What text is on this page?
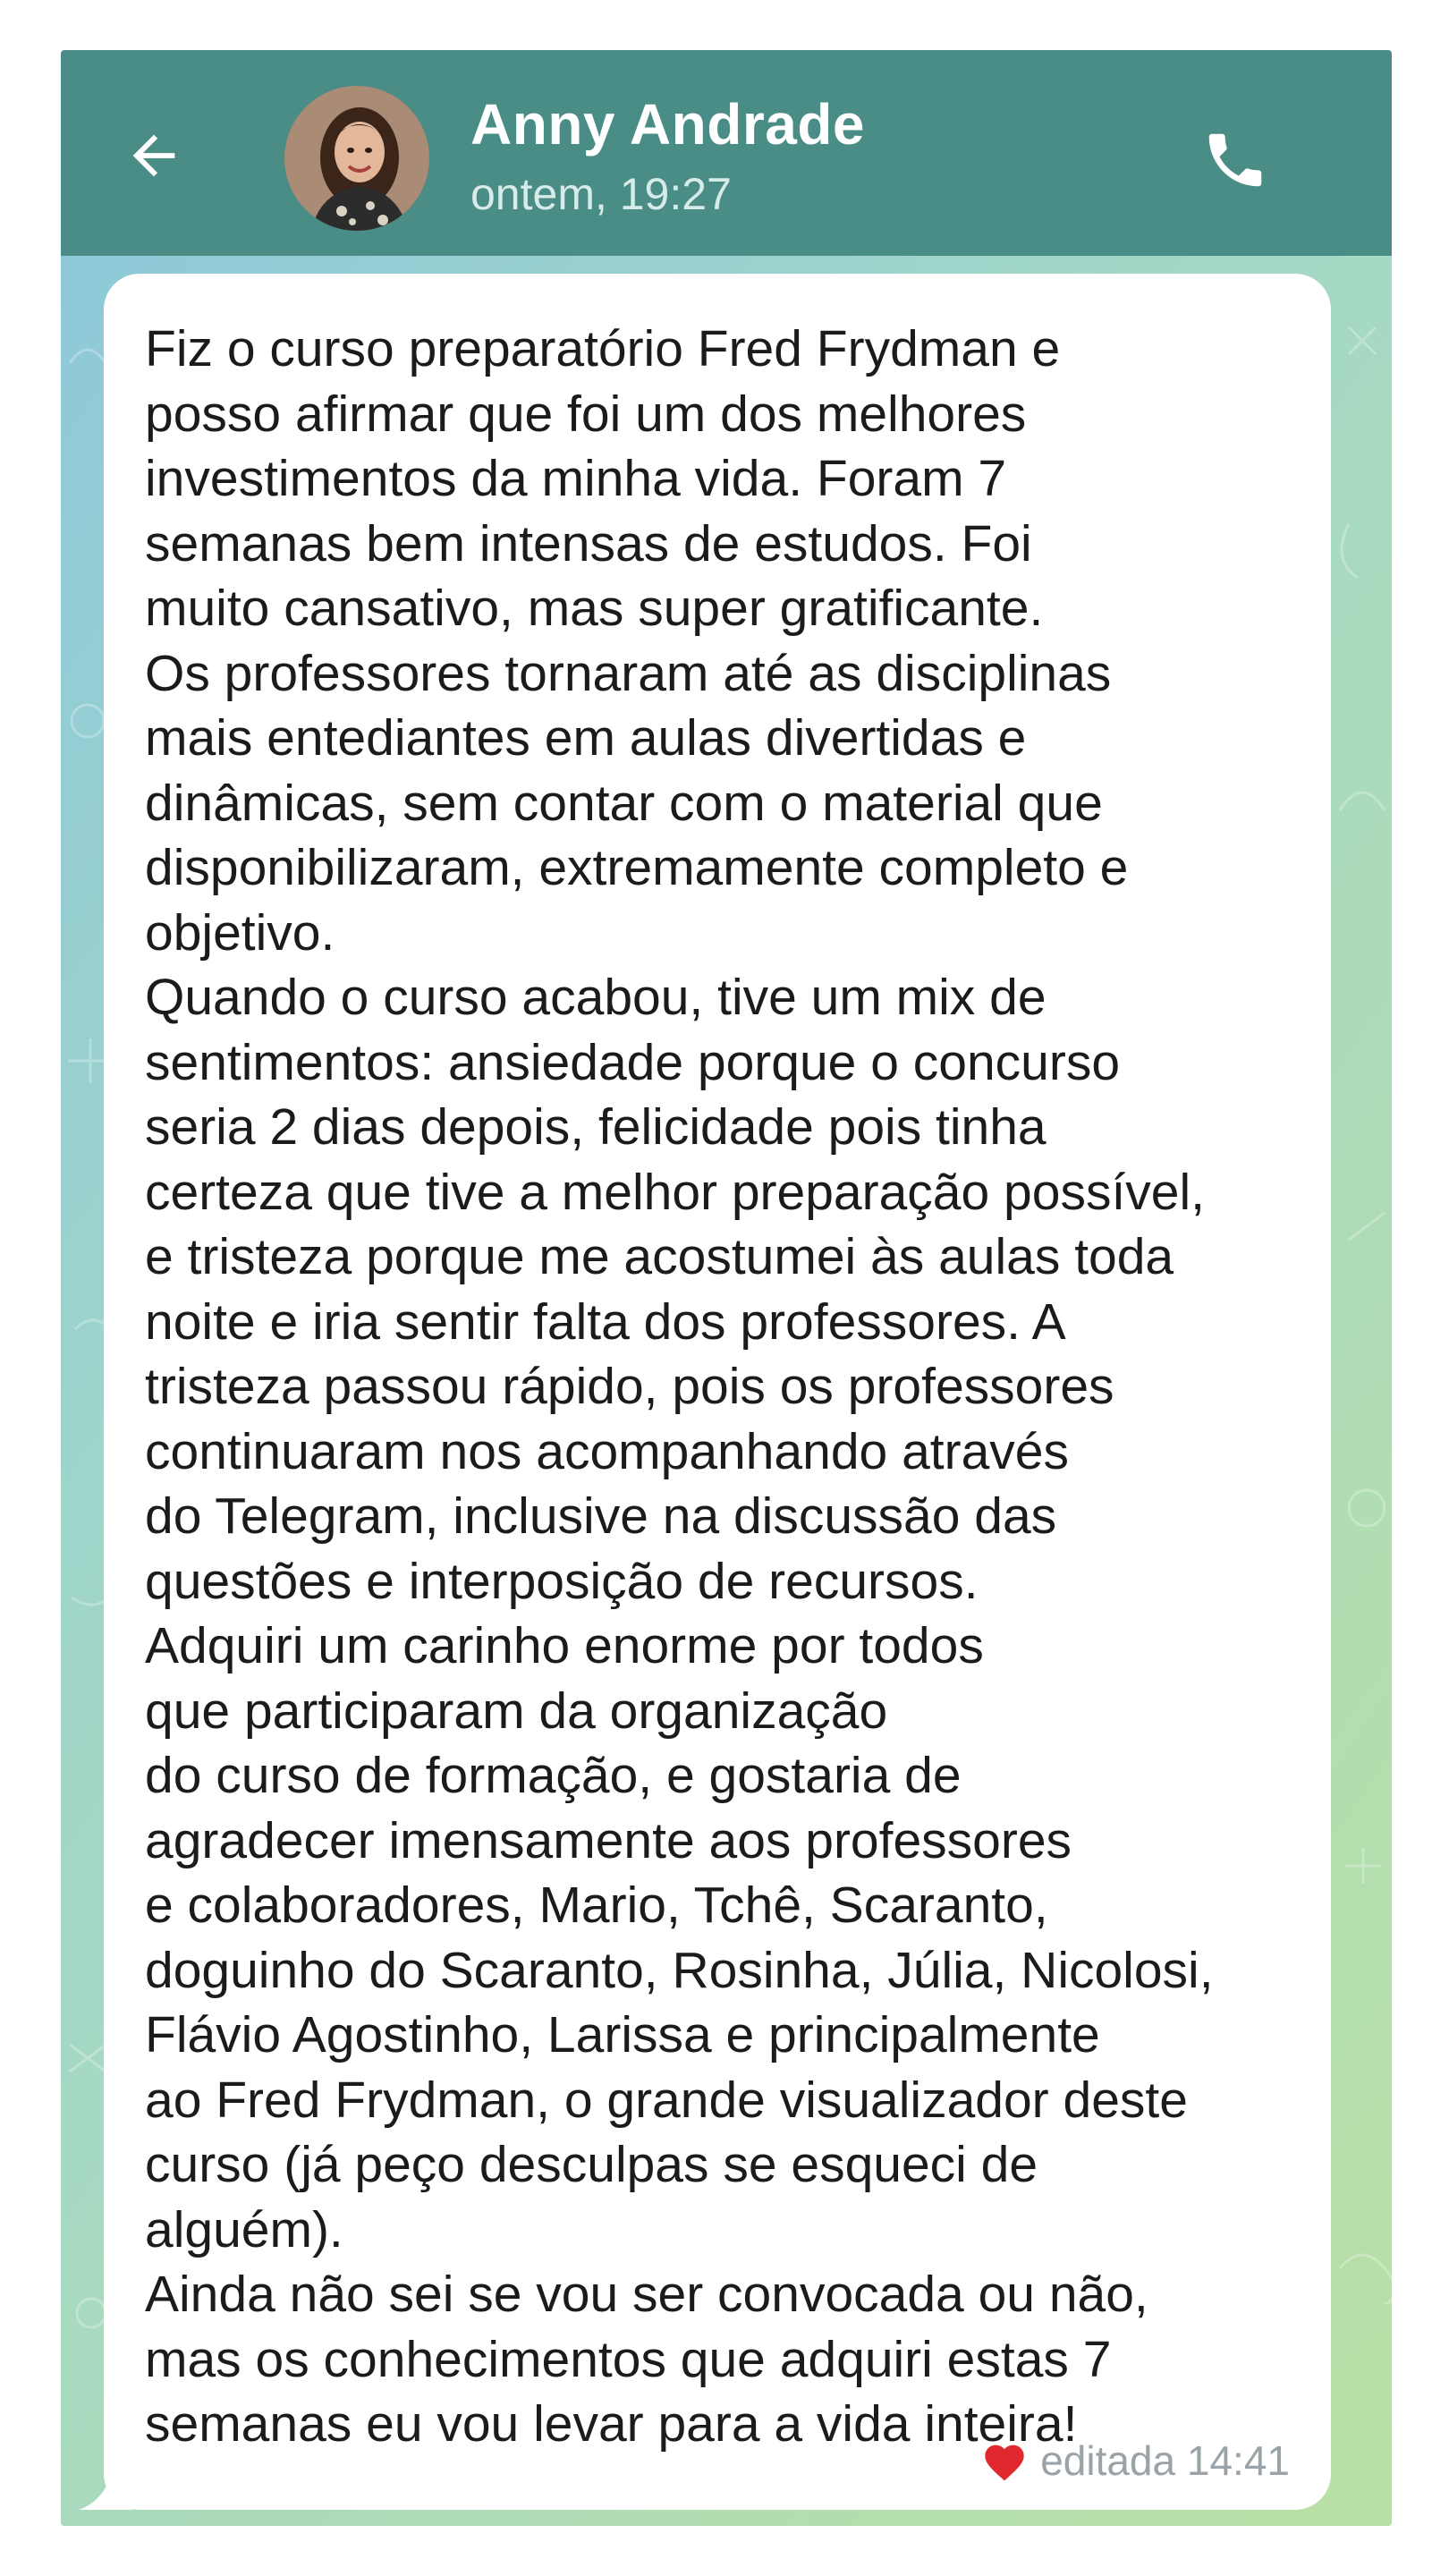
Anny Andrade
ontem, 19:27

Fiz o curso preparatório Fred Frydman e
posso afirmar que foi um dos melhores
investimentos da minha vida. Foram 7
semanas bem intensas de estudos. Foi
muito cansativo, mas super gratificante.
Os professores tornaram até as disciplinas
mais entediantes em aulas divertidas e
dinâmicas, sem contar com o material que
disponibilizaram, extremamente completo e
objetivo.
Quando o curso acabou, tive um mix de
sentimentos: ansiedade porque o concurso
seria 2 dias depois, felicidade pois tinha
certeza que tive a melhor preparação possível,
e tristeza porque me acostumei às aulas toda
noite e iria sentir falta dos professores. A
tristeza passou rápido, pois os professores
continuaram nos acompanhando através
do Telegram, inclusive na discussão das
questões e interposição de recursos.
Adquiri um carinho enorme por todos
que participaram da organização
do curso de formação, e gostaria de
agradecer imensamente aos professores
e colaboradores, Mario, Tchê, Scaranto,
doguinho do Scaranto, Rosinha, Júlia, Nicolosi,
Flávio Agostinho, Larissa e principalmente
ao Fred Frydman, o grande visualizador deste
curso (já peço desculpas se esqueci de
alguém).
Ainda não sei se vou ser convocada ou não,
mas os conhecimentos que adquiri estas 7
semanas eu vou levar para a vida inteira!

editada 14:41
